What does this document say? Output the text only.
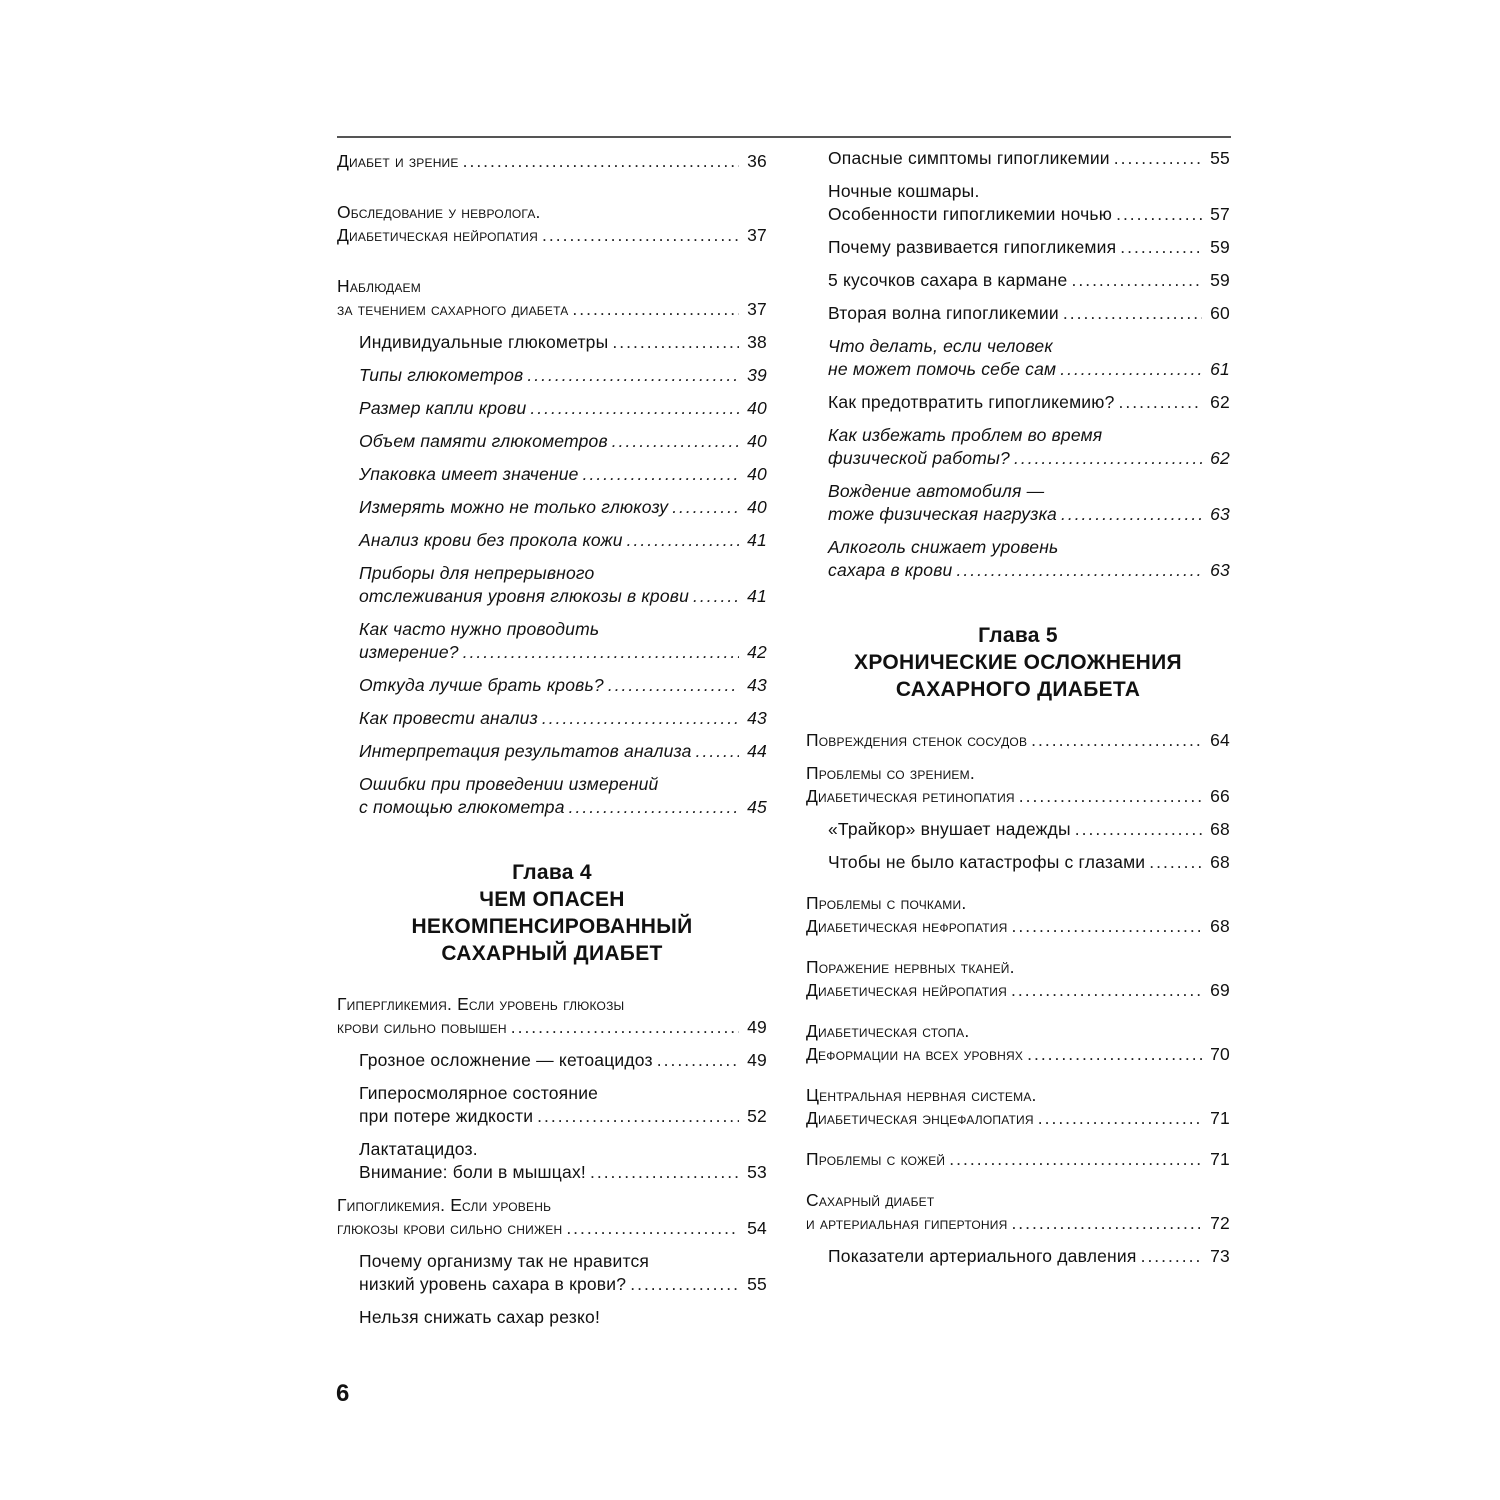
Диабет и зрение .....	36
Обследование у невролога.
Диабетическая нейропатия .....	37
Наблюдаем
за течением сахарного диабета .....	37
Индивидуальные глюкометры .....	38
Типы глюкометров .....	39
Размер капли крови .....	40
Объем памяти глюкометров .....	40
Упаковка имеет значение .....	40
Измерять можно не только глюкозу .....	40
Анализ крови без прокола кожи .....	41
Приборы для непрерывного
отслеживания уровня глюкозы в крови .....	41
Как часто нужно проводить
измерение? .....	42
Откуда лучше брать кровь? .....	43
Как провести анализ .....	43
Интерпретация результатов анализа .....	44
Ошибки при проведении измерений
с помощью глюкометра .....	45
Глава 4
ЧЕМ ОПАСЕН НЕКОМПЕНСИРОВАННЫЙ
САХАРНЫЙ ДИАБЕТ
Гипергликемия. Если уровень глюкозы
крови сильно повышен .....	49
Грозное осложнение — кетоацидоз .....	49
Гиперосмолярное состояние
при потере жидкости .....	52
Лактатацидоз.
Внимание: боли в мышцах! .....	53
Гипогликемия. Если уровень
глюкозы крови сильно снижен .....	54
Почему организму так не нравится
низкий уровень сахара в крови? .....	55
Нельзя снижать сахар резко!
Опасные симптомы гипогликемии .....	55
Ночные кошмары.
Особенности гипогликемии ночью .....	57
Почему развивается гипогликемия .....	59
5 кусочков сахара в кармане .....	59
Вторая волна гипогликемии .....	60
Что делать, если человек
не может помочь себе сам .....	61
Как предотвратить гипогликемию? .....	62
Как избежать проблем во время
физической работы? .....	62
Вождение автомобиля —
тоже физическая нагрузка .....	63
Алкоголь снижает уровень
сахара в крови .....	63
Глава 5
ХРОНИЧЕСКИЕ ОСЛОЖНЕНИЯ
САХАРНОГО ДИАБЕТА
Повреждения стенок сосудов .....	64
Проблемы со зрением.
Диабетическая ретинопатия .....	66
«Трайкор» внушает надежды .....	68
Чтобы не было катастрофы с глазами .....	68
Проблемы с почками.
Диабетическая нефропатия .....	68
Поражение нервных тканей.
Диабетическая нейропатия .....	69
Диабетическая стопа.
Деформации на всех уровнях .....	70
Центральная нервная система.
Диабетическая энцефалопатия .....	71
Проблемы с кожей .....	71
Сахарный диабет
и артериальная гипертония .....	72
Показатели артериального давления .....	73
6
